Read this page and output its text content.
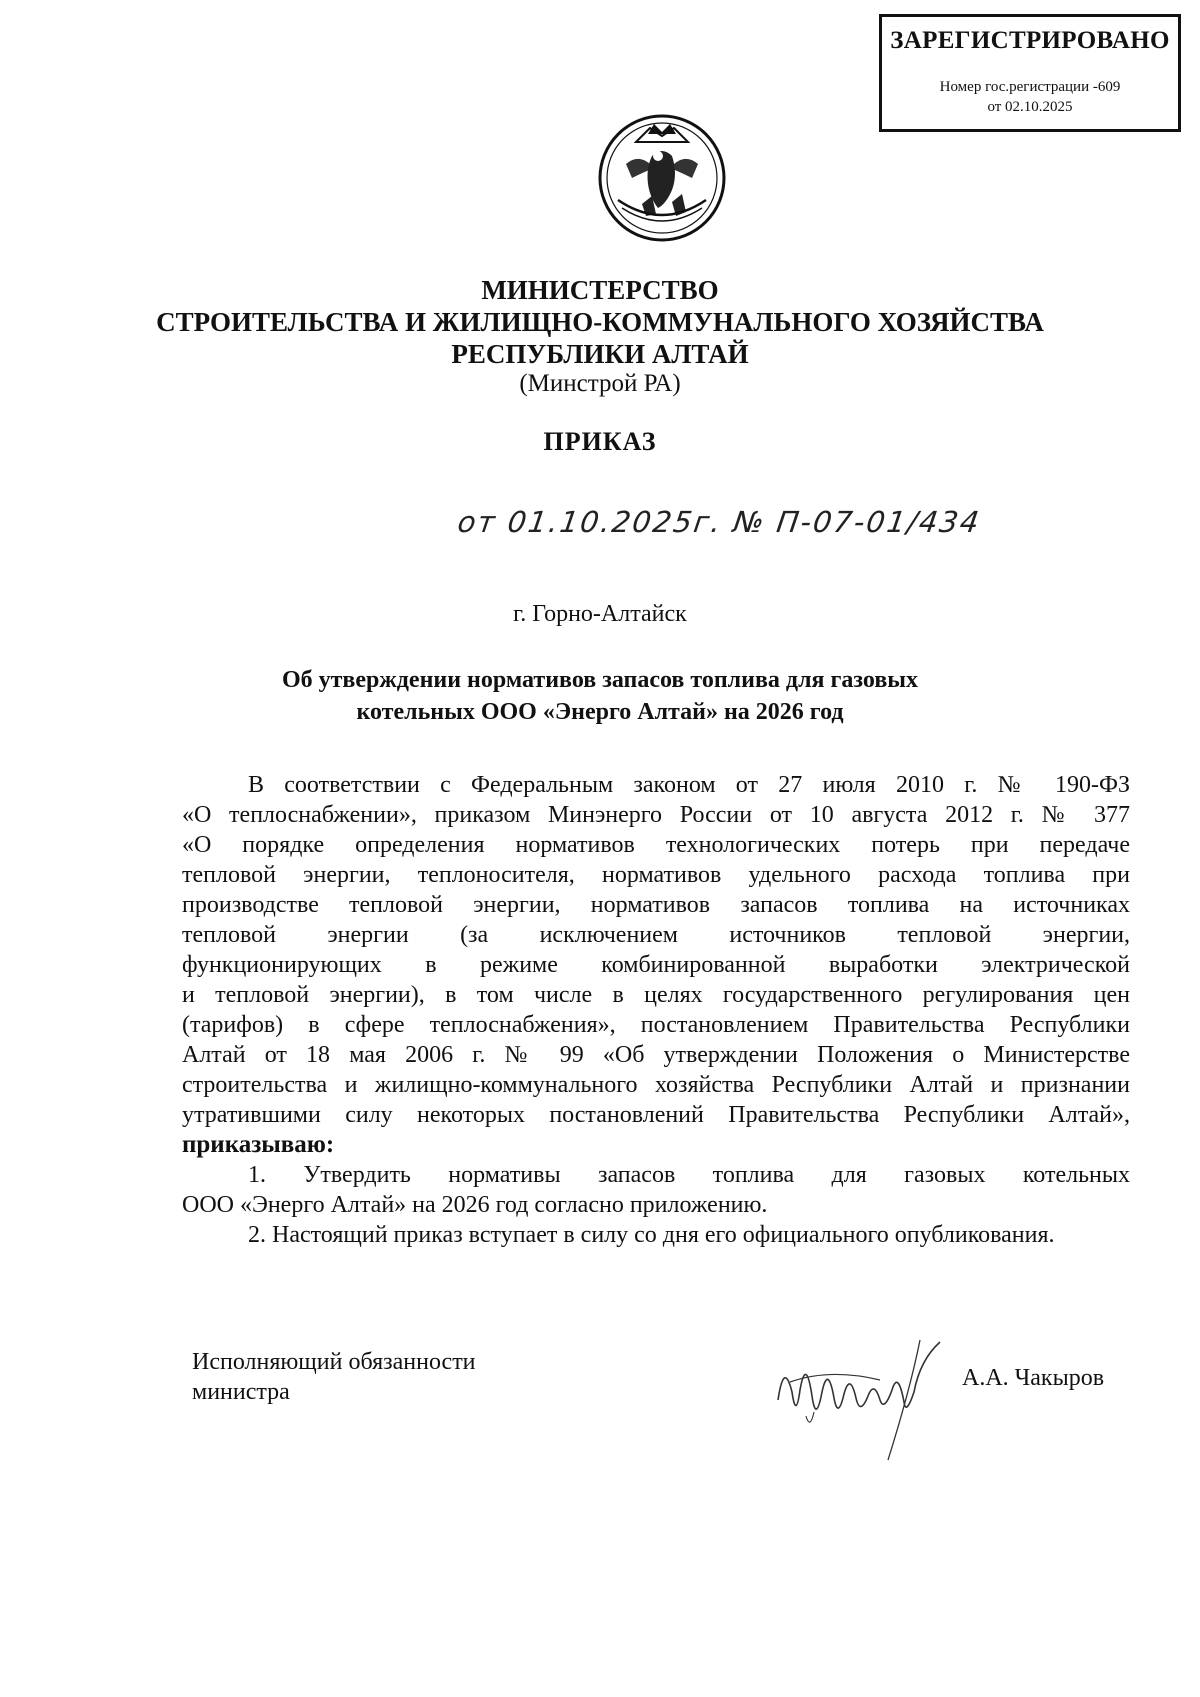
ЗАРЕГИСТРИРОВАНО
Номер гос.регистрации -609
от 02.10.2025
МИНИСТЕРСТВО
СТРОИТЕЛЬСТВА И ЖИЛИЩНО-КОММУНАЛЬНОГО ХОЗЯЙСТВА
РЕСПУБЛИКИ АЛТАЙ
(Минстрой РА)
ПРИКАЗ
от 01.10.2025г. № П-07-01/434
г. Горно-Алтайск
Об утверждении нормативов запасов топлива для газовых
котельных ООО «Энерго Алтай» на 2026 год
В соответствии с Федеральным законом от 27 июля 2010 г. № 190-ФЗ
«О теплоснабжении», приказом Минэнерго России от 10 августа 2012 г. № 377
«О порядке определения нормативов технологических потерь при передаче
тепловой энергии, теплоносителя, нормативов удельного расхода топлива при
производстве тепловой энергии, нормативов запасов топлива на источниках
тепловой энергии (за исключением источников тепловой энергии,
функционирующих в режиме комбинированной выработки электрической
и тепловой энергии), в том числе в целях государственного регулирования цен
(тарифов) в сфере теплоснабжения», постановлением Правительства Республики
Алтай от 18 мая 2006 г. № 99 «Об утверждении Положения о Министерстве
строительства и жилищно-коммунального хозяйства Республики Алтай и признании
утратившими силу некоторых постановлений Правительства Республики Алтай»,
приказываю:
1. Утвердить нормативы запасов топлива для газовых котельных
ООО «Энерго Алтай» на 2026 год согласно приложению.
2. Настоящий приказ вступает в силу со дня его официального опубликования.
Исполняющий обязанности
министра
А.А. Чакыров
